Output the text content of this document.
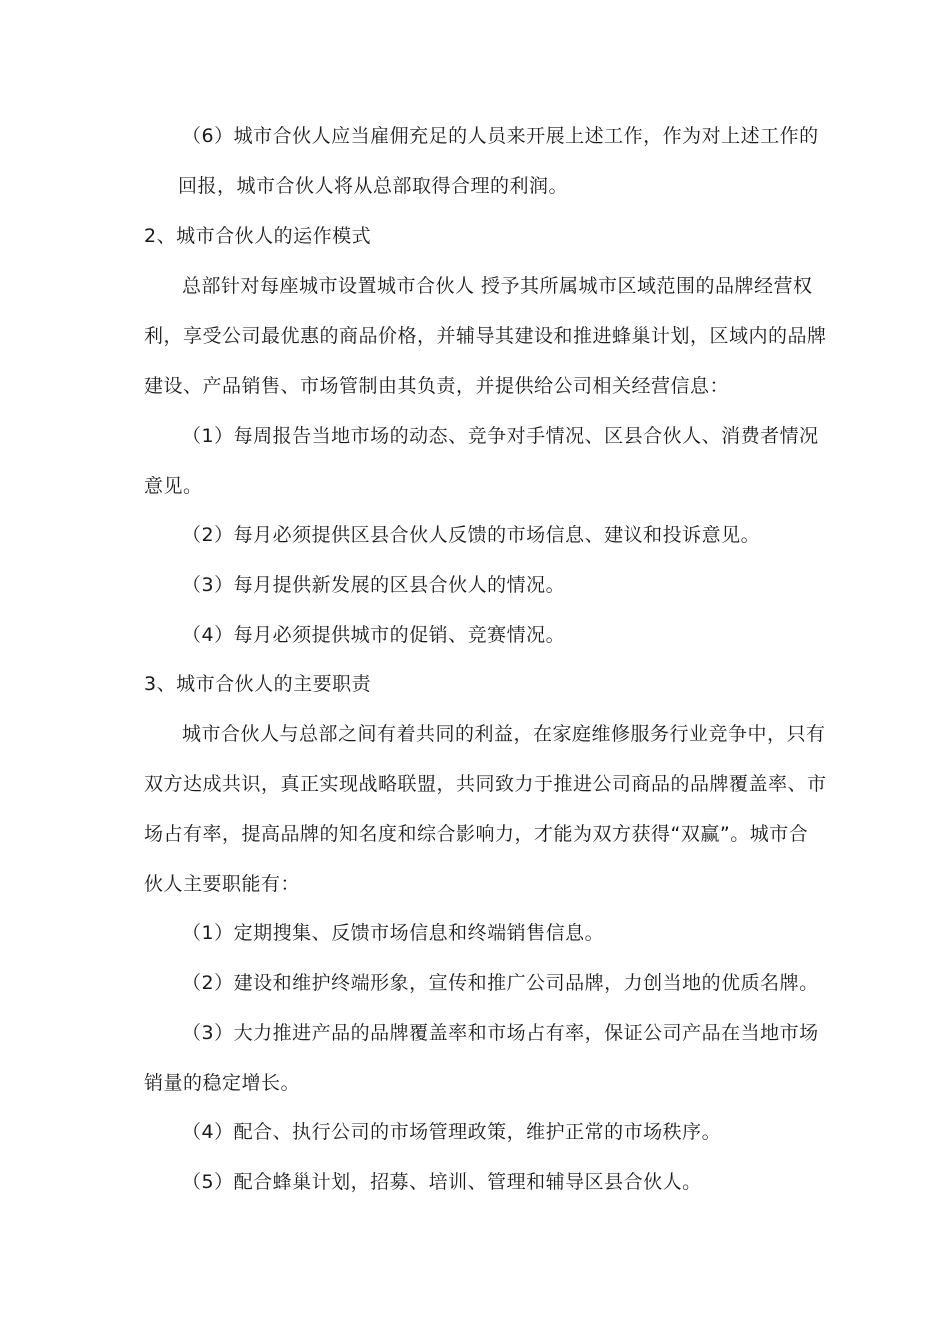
（6）城市合伙人应当雇佣充足的人员来开展上述工作，作为对上述工作的
回报，城市合伙人将从总部取得合理的利润。
2、城市合伙人的运作模式
总部针对每座城市设置城市合伙人 授予其所属城市区域范围的品牌经营权
利，享受公司最优惠的商品价格，并辅导其建设和推进蜂巢计划，区域内的品牌
建设、产品销售、市场管制由其负责，并提供给公司相关经营信息：
（1）每周报告当地市场的动态、竞争对手情况、区县合伙人、消费者情况
意见。
（2）每月必须提供区县合伙人反馈的市场信息、建议和投诉意见。
（3）每月提供新发展的区县合伙人的情况。
（4）每月必须提供城市的促销、竞赛情况。
3、城市合伙人的主要职责
城市合伙人与总部之间有着共同的利益，在家庭维修服务行业竞争中，只有
双方达成共识，真正实现战略联盟，共同致力于推进公司商品的品牌覆盖率、市
场占有率，提高品牌的知名度和综合影响力，才能为双方获得“双赢”。城市合
伙人主要职能有：
（1）定期搜集、反馈市场信息和终端销售信息。
（2）建设和维护终端形象，宣传和推广公司品牌，力创当地的优质名牌。
（3）大力推进产品的品牌覆盖率和市场占有率，保证公司产品在当地市场
销量的稳定增长。
（4）配合、执行公司的市场管理政策，维护正常的市场秩序。
（5）配合蜂巢计划，招募、培训、管理和辅导区县合伙人。
